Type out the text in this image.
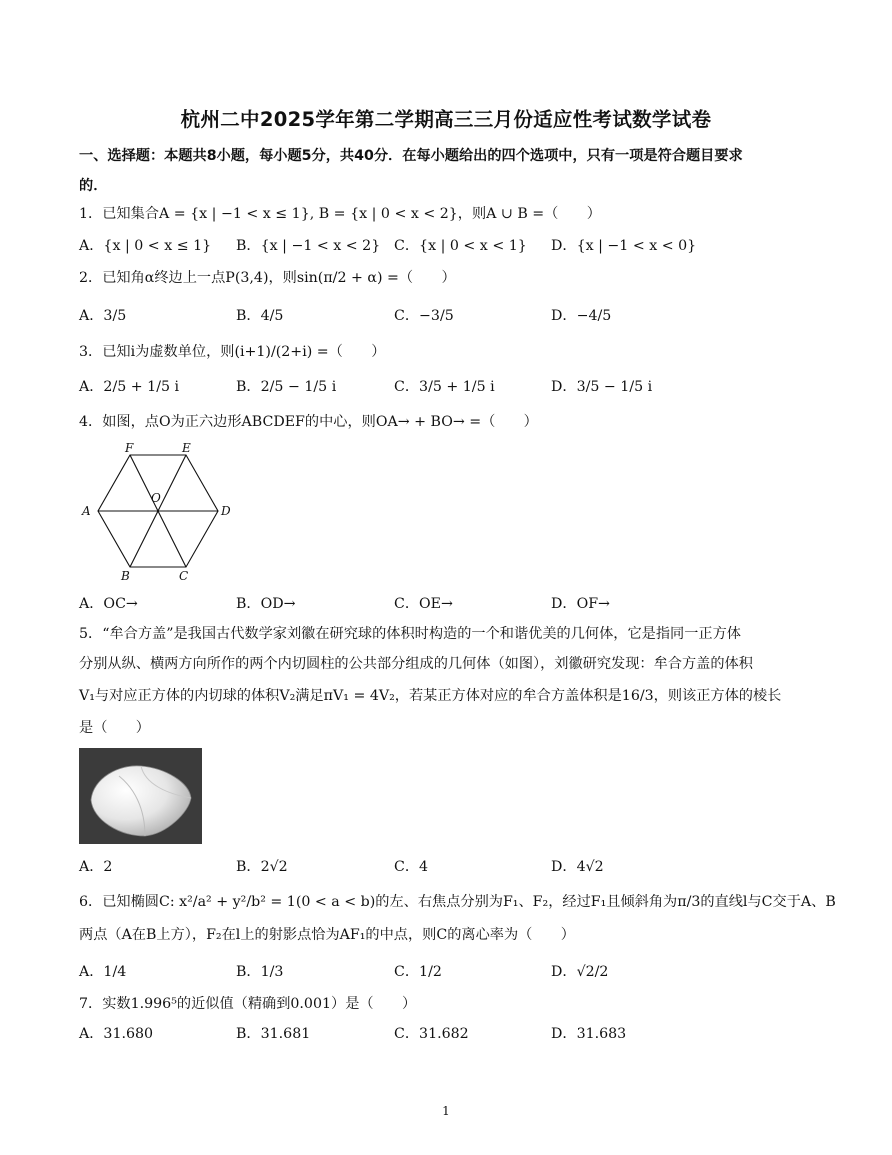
杭州二中2025学年第二学期高三三月份适应性考试数学试卷
一、选择题：本题共8小题，每小题5分，共40分．在每小题给出的四个选项中，只有一项是符合题目要求
的．
1．已知集合A = {x | −1 < x ≤ 1}, B = {x | 0 < x < 2}，则A ∪ B =（　　）
A．{x | 0 < x ≤ 1} B．{x | −1 < x < 2} C．{x | 0 < x < 1} D．{x | −1 < x < 0}
2．已知角α终边上一点P(3,4)，则sin(π/2 + α) =（　　）
A．3/5	B．4/5	C．−3/5	D．−4/5
3．已知i为虚数单位，则(i+1)/(2+i) =（　　）
A．2/5 + 1/5 i	B．2/5 − 1/5 i	C．3/5 + 1/5 i	D．3/5 − 1/5 i
4．如图，点O为正六边形ABCDEF的中心，则OA→ + BO→ =（　　）
F	E
O
A	D
B	C
A．OC→	B．OD→	C．OE→	D．OF→
5．“牟合方盖”是我国古代数学家刘徽在研究球的体积时构造的一个和谐优美的几何体，它是指同一正方体
分别从纵、横两方向所作的两个内切圆柱的公共部分组成的几何体（如图），刘徽研究发现：牟合方盖的体积
V₁与对应正方体的内切球的体积V₂满足πV₁ = 4V₂，若某正方体对应的牟合方盖体积是16/3，则该正方体的棱长
是（　　）
A．2	B．2√2	C．4	D．4√2
6．已知椭圆C: x²/a² + y²/b² = 1(0 < a < b)的左、右焦点分别为F₁、F₂，经过F₁且倾斜角为π/3的直线l与C交于A、B
两点（A在B上方），F₂在l上的射影点恰为AF₁的中点，则C的离心率为（　　）
A．1/4	B．1/3	C．1/2	D．√2/2
7．实数1.996⁵的近似值（精确到0.001）是（　　）
A．31.680	B．31.681	C．31.682	D．31.683
1
